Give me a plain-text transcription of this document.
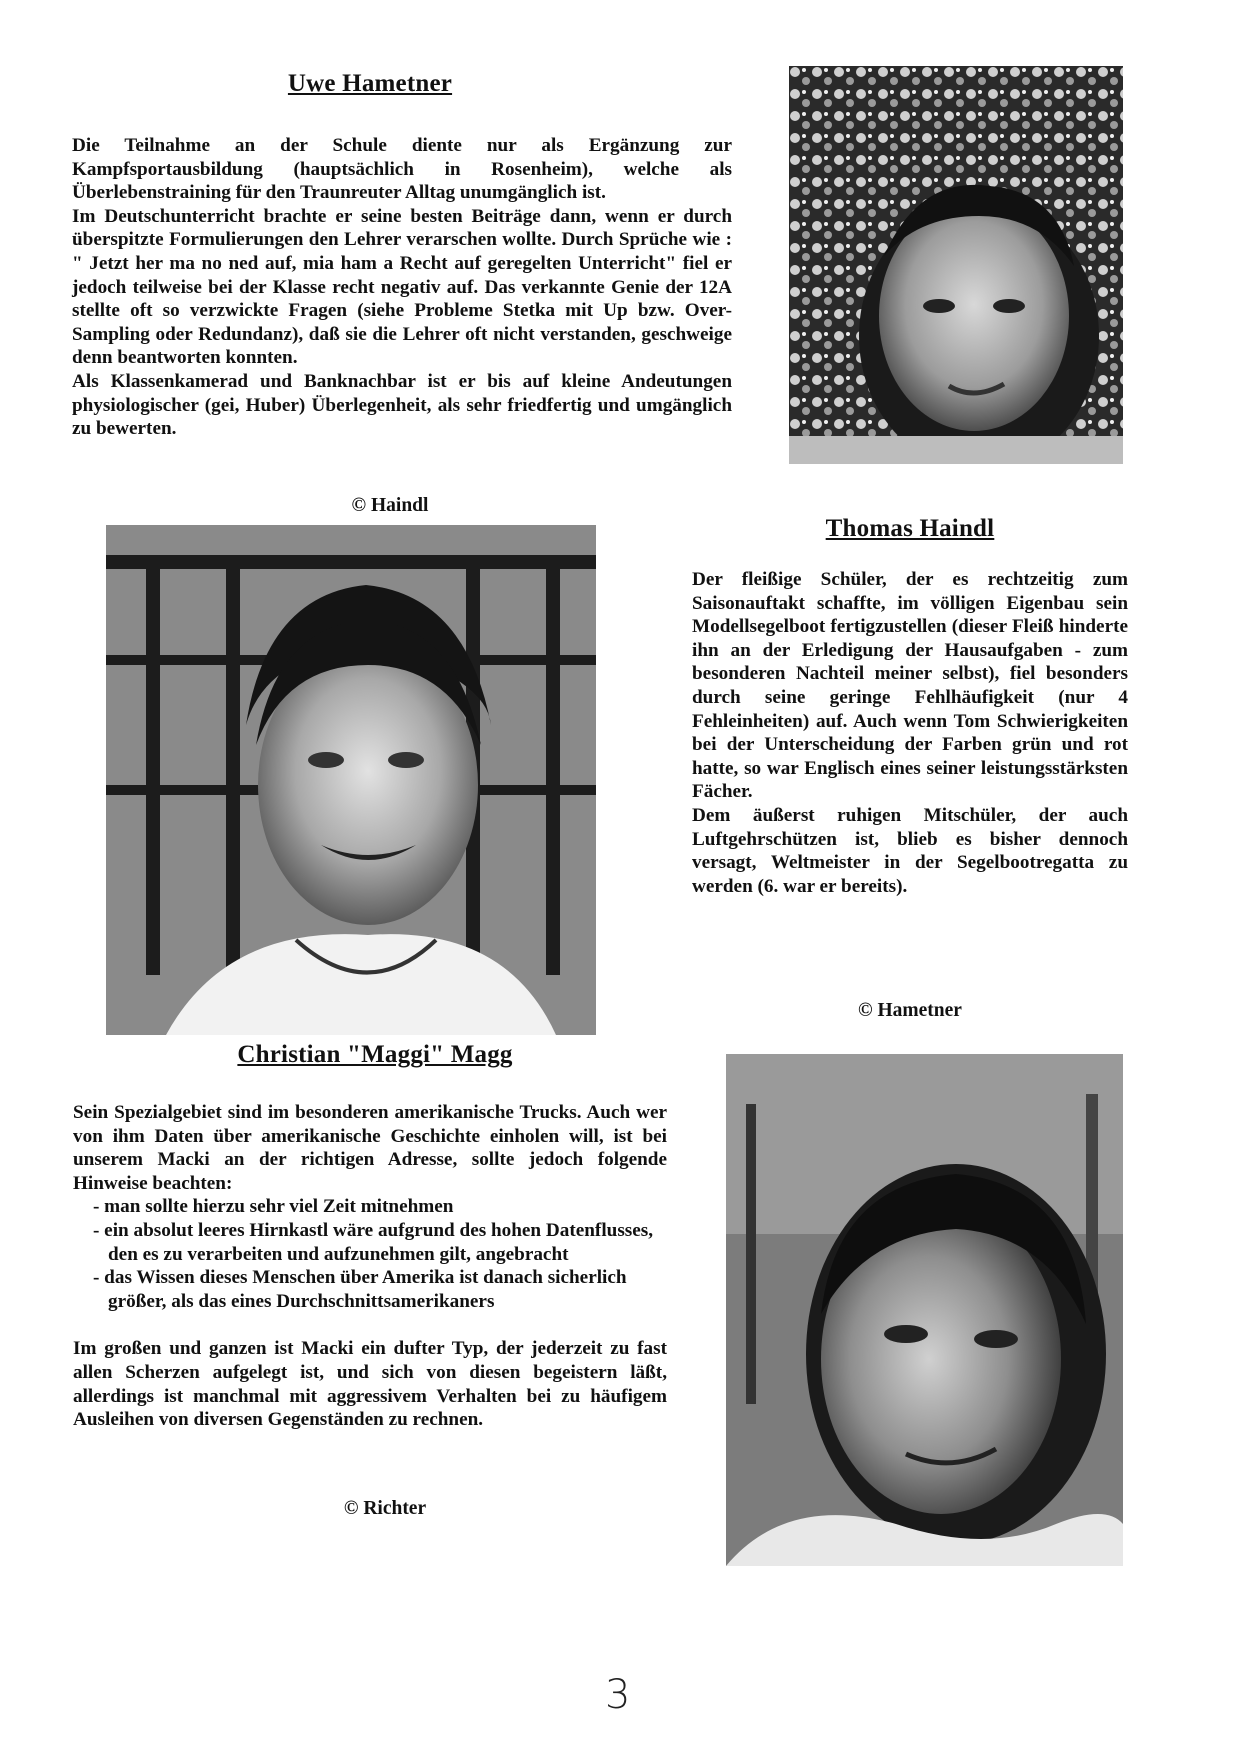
Uwe Hametner

Die Teilnahme an der Schule diente nur als Ergänzung zur Kampfsportausbildung (hauptsächlich in Rosenheim), welche als Überlebenstraining für den Traunreuter Alltag unumgänglich ist.

Im Deutschunterricht brachte er seine besten Beiträge dann, wenn er durch überspitzte Formulierungen den Lehrer verarschen wollte. Durch Sprüche wie : " Jetzt her ma no ned auf, mia ham a Recht auf geregelten Unterricht" fiel er jedoch teilweise bei der Klasse recht negativ auf. Das verkannte Genie der 12A stellte oft so verzwickte Fragen (siehe Probleme Stetka mit Up bzw. Over-Sampling oder Redundanz), daß sie die Lehrer oft nicht verstanden, geschweige denn beantworten konnten.

Als Klassenkamerad und Banknachbar ist er bis auf kleine Andeutungen physiologischer (gei, Huber) Überlegenheit, als sehr friedfertig und umgänglich zu bewerten.

© Haindl
Thomas Haindl

Der fleißige Schüler, der es rechtzeitig zum Saisonauftakt schaffte, im völligen Eigenbau sein Modellsegelboot fertigzustellen (dieser Fleiß hinderte ihn an der Erledigung der Hausaufgaben - zum besonderen Nachteil meiner selbst), fiel besonders durch seine geringe Fehlhäufigkeit (nur 4 Fehleinheiten) auf. Auch wenn Tom Schwierigkeiten bei der Unterscheidung der Farben grün und rot hatte, so war Englisch eines seiner leistungsstärksten Fächer.

Dem äußerst ruhigen Mitschüler, der auch Luftgehrschützen ist, blieb es bisher dennoch versagt, Weltmeister in der Segelbootregatta zu werden (6. war er bereits).

© Hametner
Christian "Maggi" Magg

Sein Spezialgebiet sind im besonderen amerikanische Trucks. Auch wer von ihm Daten über amerikanische Geschichte einholen will, ist bei unserem Macki an der richtigen Adresse, sollte jedoch folgende Hinweise beachten:

- man sollte hierzu sehr viel Zeit mitnehmen
- ein absolut leeres Hirnkastl wäre aufgrund des hohen Datenflusses, den es zu verarbeiten und aufzunehmen gilt, angebracht
- das Wissen dieses Menschen über Amerika ist danach sicherlich größer, als das eines Durchschnittsamerikaners

Im großen und ganzen ist Macki ein dufter Typ, der jederzeit zu fast allen Scherzen aufgelegt ist, und sich von diesen begeistern läßt, allerdings ist manchmal mit aggressivem Verhalten bei zu häufigem Ausleihen von diversen Gegenständen zu rechnen.

© Richter
3
